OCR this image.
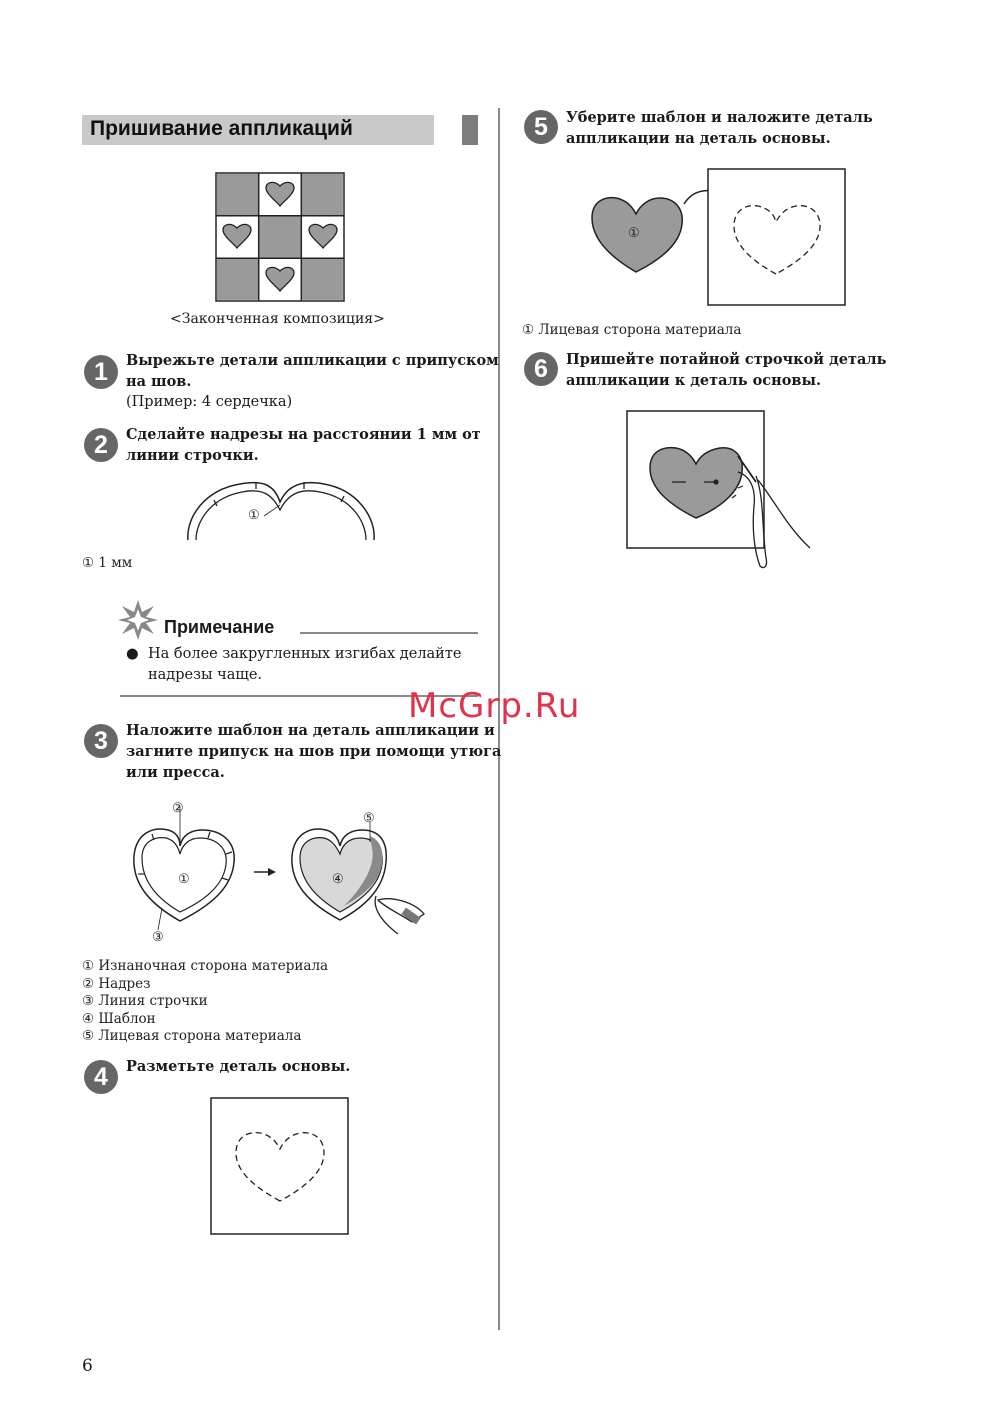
Пришивание аппликаций
<Законченная композиция>
1	Вырежьте детали аппликации с припуском
на шов.
(Пример: 4 сердечка)
2	Сделайте надрезы на расстоянии 1 мм от
линии строчки.
①
① 1 мм
Примечание
● На более закругленных изгибах делайте
надрезы чаще.
McGrp.Ru
3	Наложите шаблон на деталь аппликации и
загните припуск на шов при помощи утюга
или пресса.
②
①
③
④
⑤
① Изнаночная сторона материала
② Надрез
③ Линия строчки
④ Шаблон
⑤ Лицевая сторона материала
4	Разметьте деталь основы.
5	Уберите шаблон и наложите деталь
аппликации на деталь основы.
①
① Лицевая сторона материала
6	Пришейте потайной строчкой деталь
аппликации к деталь основы.
6
